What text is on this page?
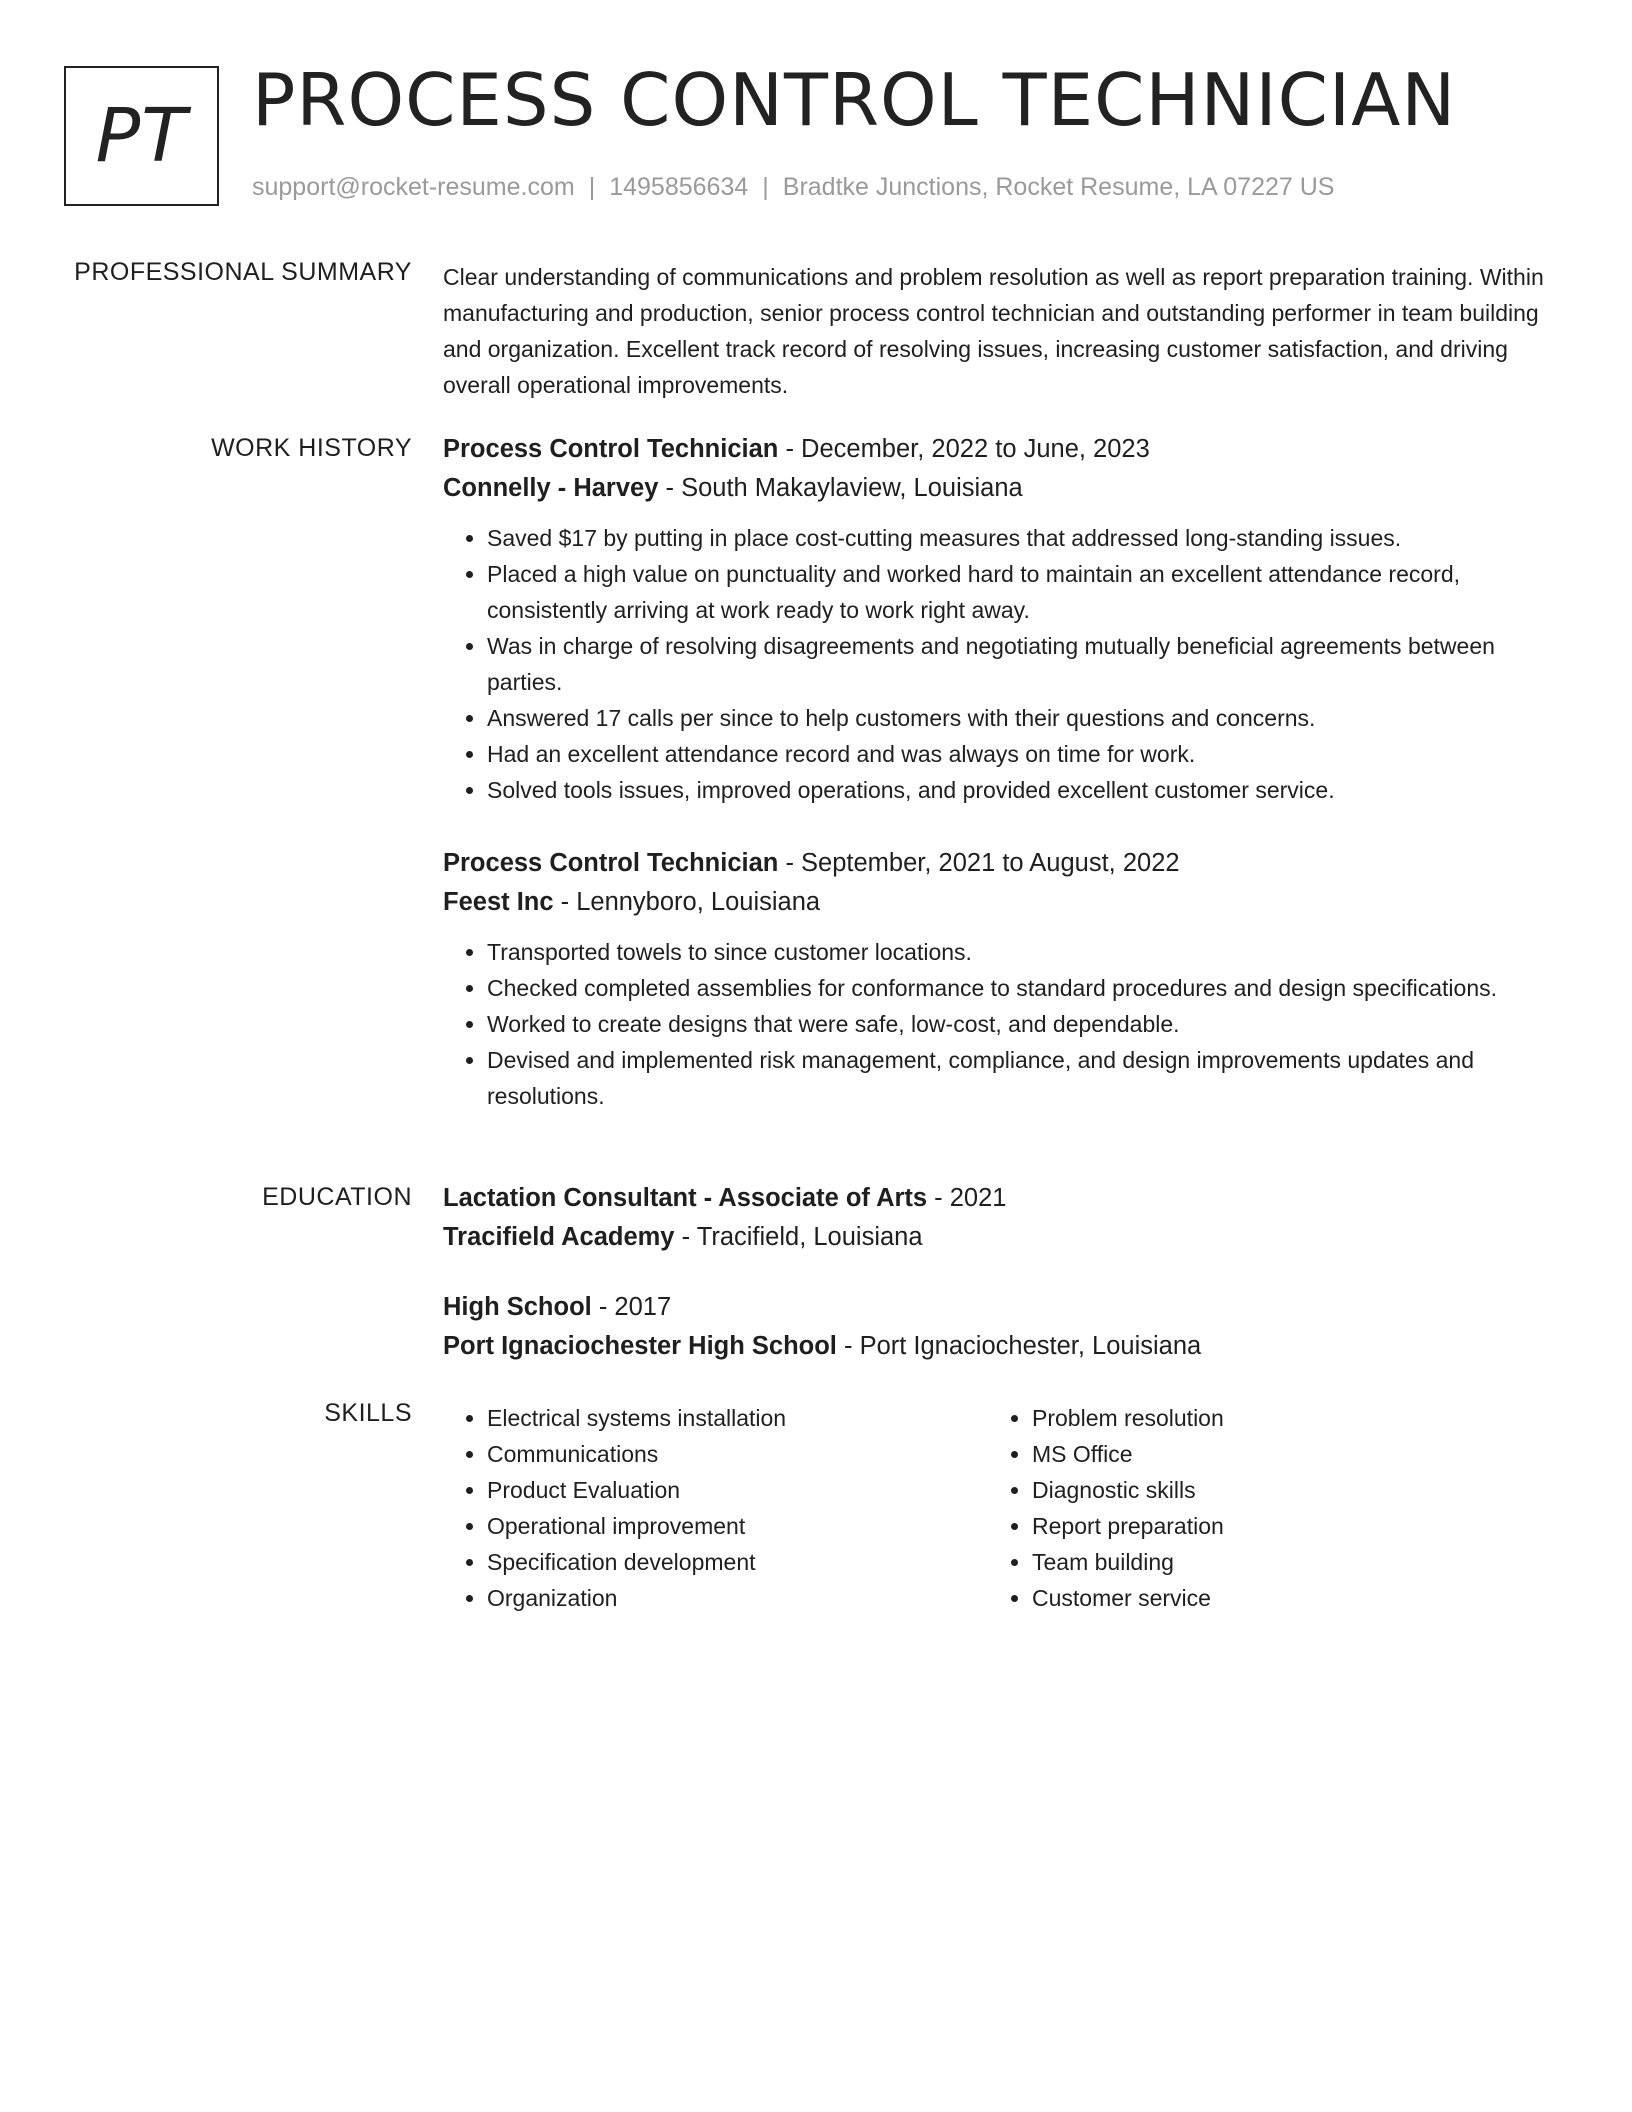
PT PROCESS CONTROL TECHNICIAN
support@rocket-resume.com | 1495856634 | Bradtke Junctions, Rocket Resume, LA 07227 US
PROFESSIONAL SUMMARY Clear understanding of communications and problem resolution as well as report preparation training. Within manufacturing and production, senior process control technician and outstanding performer in team building and organization. Excellent track record of resolving issues, increasing customer satisfaction, and driving overall operational improvements.

WORK HISTORY Process Control Technician - December, 2022 to June, 2023
Connelly - Harvey - South Makaylaview, Louisiana
• Saved $17 by putting in place cost-cutting measures that addressed long-standing issues.
• Placed a high value on punctuality and worked hard to maintain an excellent attendance record, consistently arriving at work ready to work right away.
• Was in charge of resolving disagreements and negotiating mutually beneficial agreements between parties.
• Answered 17 calls per since to help customers with their questions and concerns.
• Had an excellent attendance record and was always on time for work.
• Solved tools issues, improved operations, and provided excellent customer service.
Process Control Technician - September, 2021 to August, 2022
Feest Inc - Lennyboro, Louisiana
• Transported towels to since customer locations.
• Checked completed assemblies for conformance to standard procedures and design specifications.
• Worked to create designs that were safe, low-cost, and dependable.
• Devised and implemented risk management, compliance, and design improvements updates and resolutions.
EDUCATION Lactation Consultant - Associate of Arts - 2021
Tracifield Academy - Tracifield, Louisiana
High School - 2017
Port Ignaciochester High School - Port Ignaciochester, Louisiana
SKILLS
•	Electrical systems installation
• Communications
• Product Evaluation
• Operational improvement
• Specification development
• Organization
• Problem resolution
• MS Office
• Diagnostic skills
• Report preparation
• Team building
• Customer service
